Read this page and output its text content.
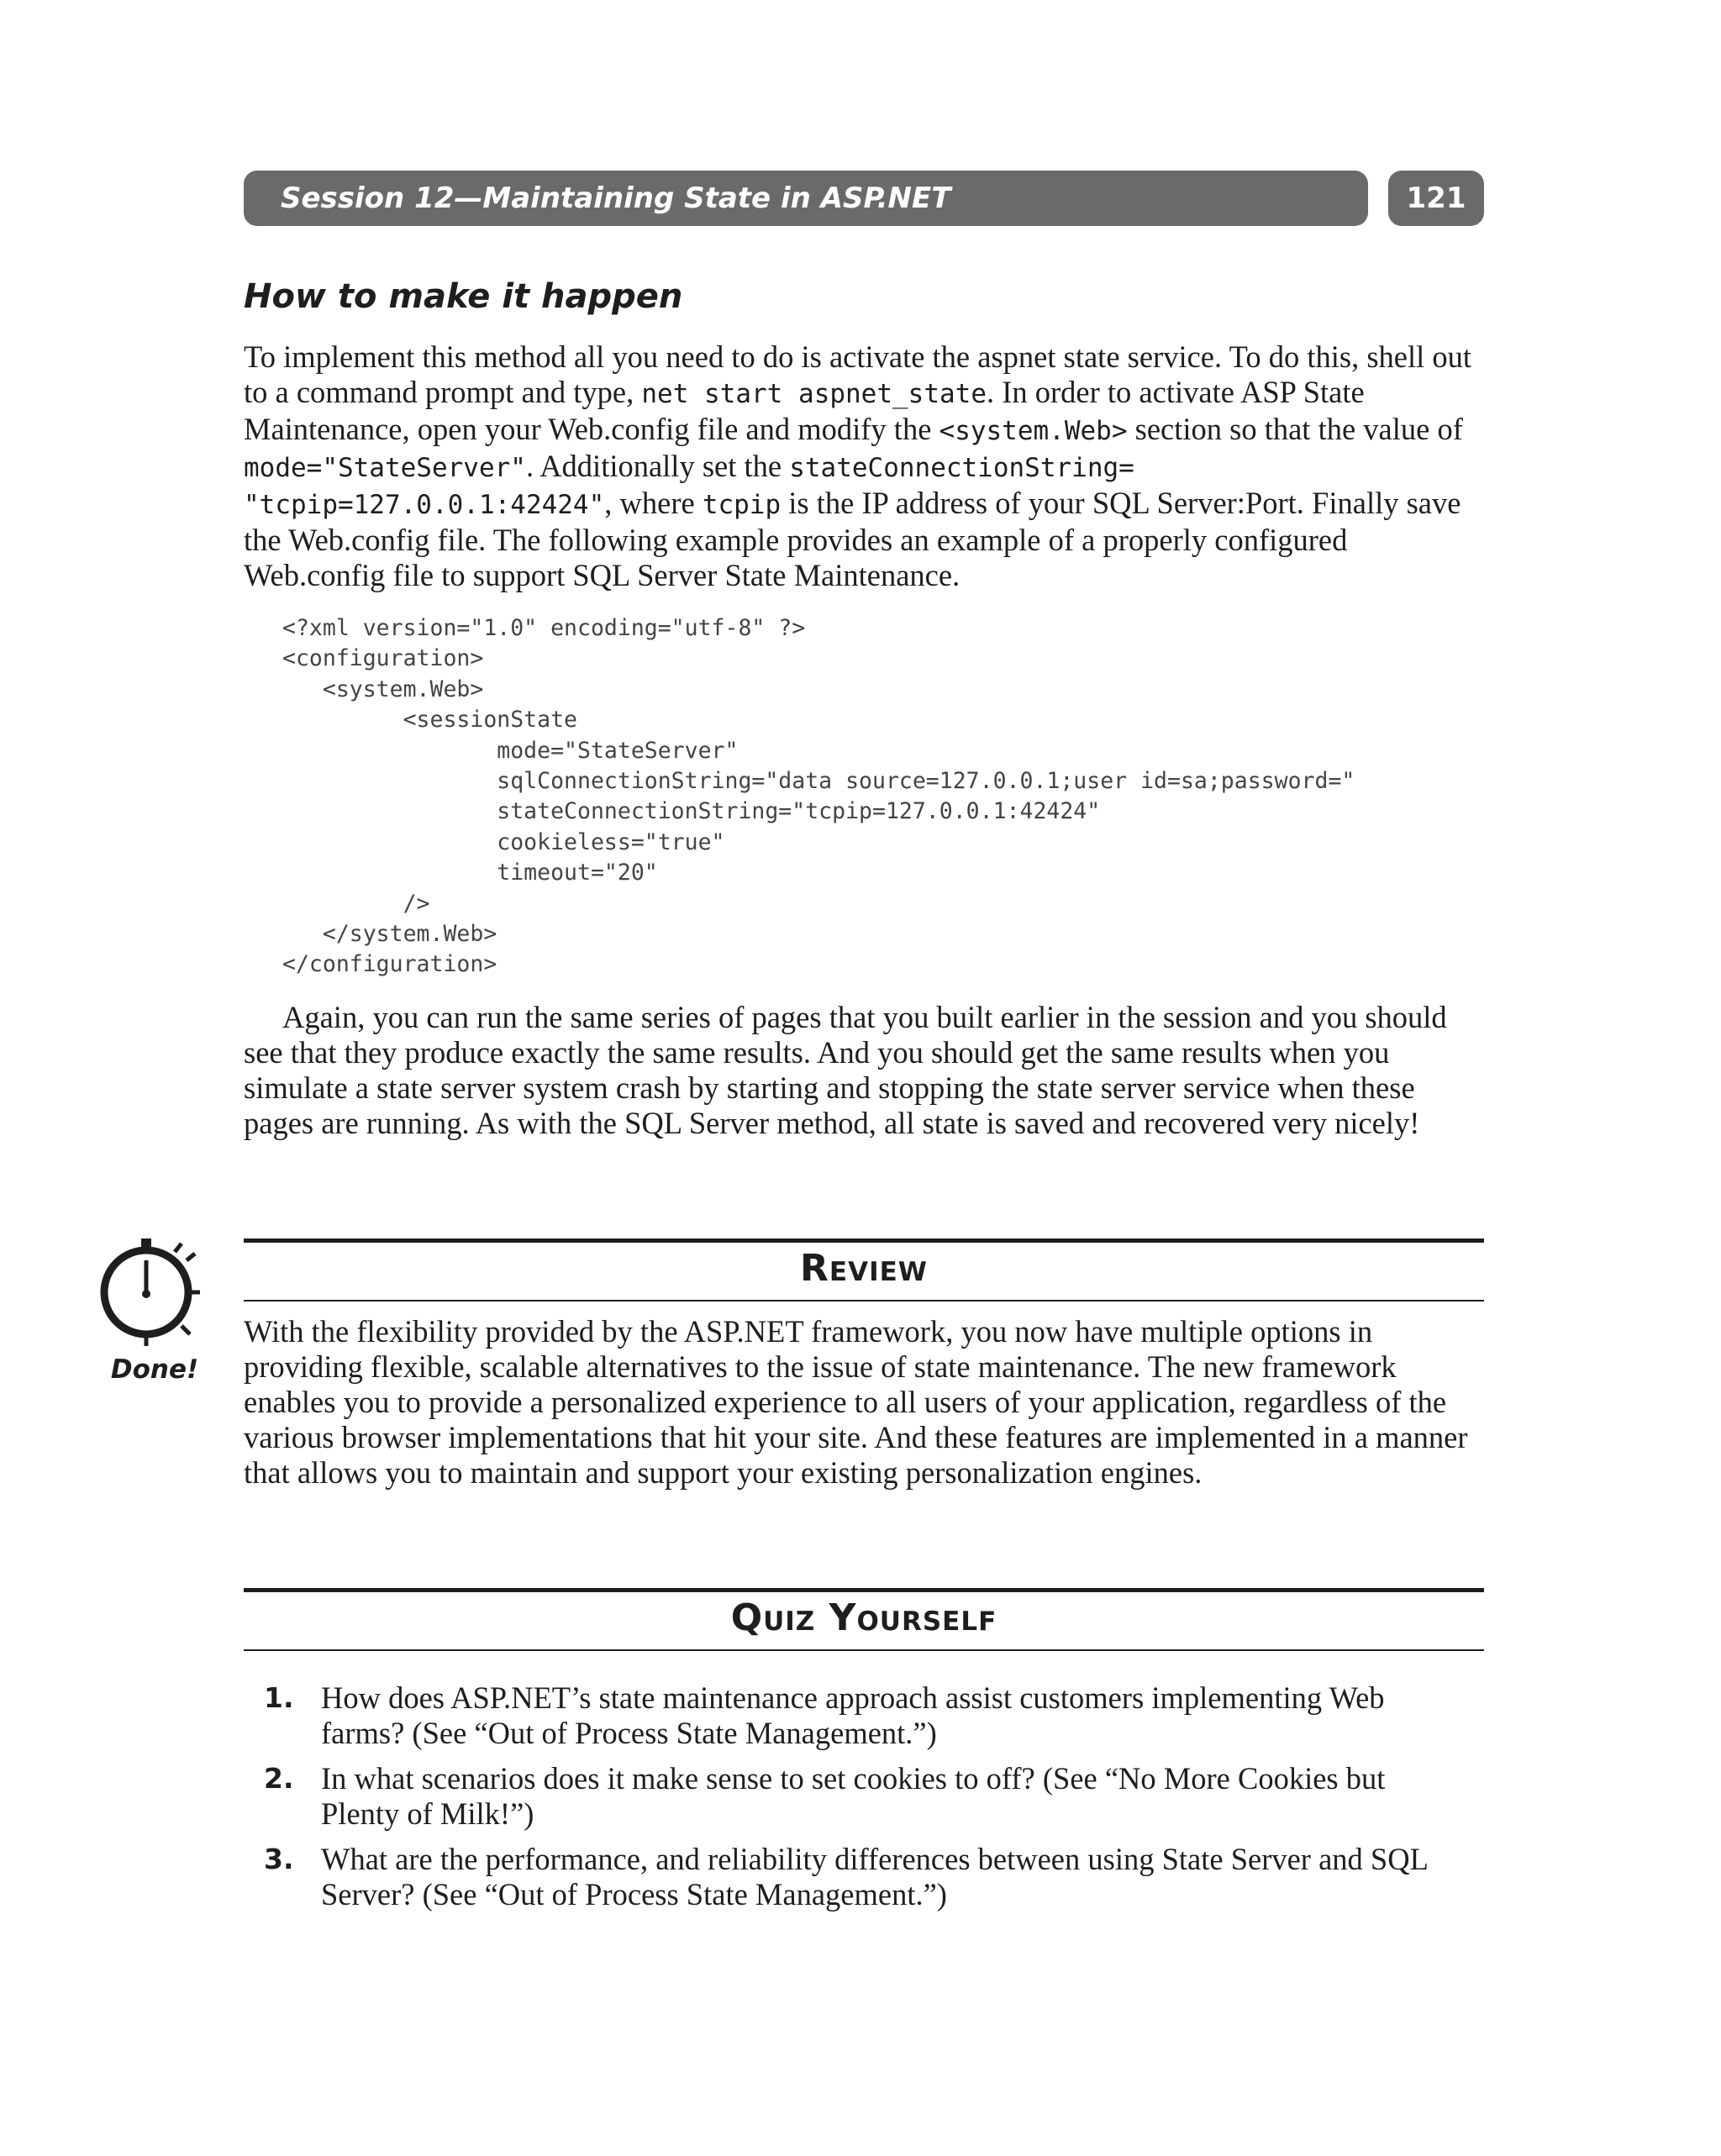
Session 12—Maintaining State in ASP.NET	121
How to make it happen

To implement this method all you need to do is activate the aspnet state service. To do this, shell out to a command prompt and type, net start aspnet_state. In order to activate ASP State Maintenance, open your Web.config file and modify the <system.Web> section so that the value of mode="StateServer". Additionally set the stateConnectionString= "tcpip=127.0.0.1:42424", where tcpip is the IP address of your SQL Server:Port. Finally save the Web.config file. The following example provides an example of a properly configured Web.config file to support SQL Server State Maintenance.

<?xml version="1.0" encoding="utf-8" ?>
<configuration>
<system.Web>
<sessionState
mode="StateServer"
sqlConnectionString="data source=127.0.0.1;user id=sa;password="
stateConnectionString="tcpip=127.0.0.1:42424"
cookieless="true"
timeout="20"
/>
</system.Web>
</configuration>

Again, you can run the same series of pages that you built earlier in the session and you should see that they produce exactly the same results. And you should get the same results when you simulate a state server system crash by starting and stopping the state server service when these pages are running. As with the SQL Server method, all state is saved and recovered very nicely!

Review
Done!

With the flexibility provided by the ASP.NET framework, you now have multiple options in providing flexible, scalable alternatives to the issue of state maintenance. The new framework enables you to provide a personalized experience to all users of your application, regardless of the various browser implementations that hit your site. And these features are implemented in a manner that allows you to maintain and support your existing personalization engines.

Quiz Yourself
1. How does ASP.NET’s state maintenance approach assist customers implementing Web farms? (See “Out of Process State Management.”)
2. In what scenarios does it make sense to set cookies to off? (See “No More Cookies but Plenty of Milk!”)
3. What are the performance, and reliability differences between using State Server and SQL Server? (See “Out of Process State Management.”)
